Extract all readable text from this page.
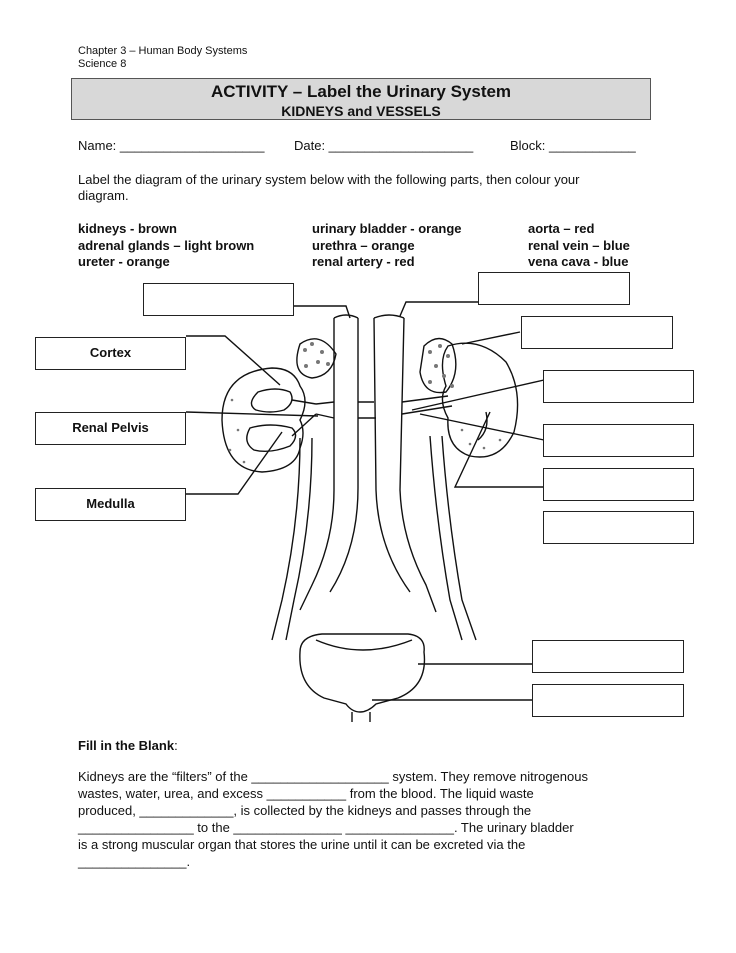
Chapter 3 – Human Body Systems
Science 8
ACTIVITY – Label the Urinary System
KIDNEYS and VESSELS
Name: ____________________ Date: ____________________	Block: ____________
Label the diagram of the urinary system below with the following parts, then colour your
diagram.
kidneys - brown
adrenal glands – light brown
ureter - orange
urinary bladder - orange
urethra – orange
renal artery - red
aorta – red
renal vein – blue
vena cava - blue
Cortex
Renal Pelvis
Medulla
Fill in the Blank:
Kidneys are the “filters” of the ___________________ system. They remove nitrogenous
wastes, water, urea, and excess ___________ from the blood. The liquid waste
produced, _____________, is collected by the kidneys and passes through the
________________ to the _______________ _______________. The urinary bladder
is a strong muscular organ that stores the urine until it can be excreted via the
_______________.
